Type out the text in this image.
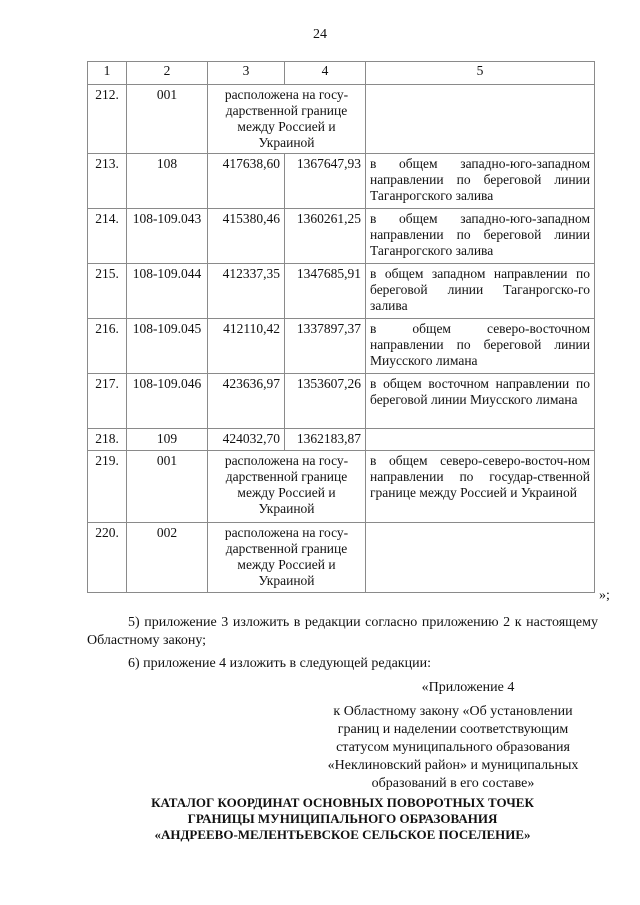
24
1	2	3	4	5
212.	001	расположена на госу-
дарственной границе
между Россией и
Украиной		
213.	108	417638,60	1367647,93	в общем западно-юго-западном направлении по береговой линии Таганрогского залива
214.	108-109.043	415380,46	1360261,25	в общем западно-юго-западном направлении по береговой линии Таганрогского залива
215.	108-109.044	412337,35	1347685,91	в общем западном направлении по береговой линии Таганрогско-го залива
216.	108-109.045	412110,42	1337897,37	в общем северо-восточном направлении по береговой линии Миусского лимана
217.	108-109.046	423636,97	1353607,26	в общем восточном направлении по береговой линии Миусского лимана
218.	109	424032,70	1362183,87	
219.	001	расположена на госу-
дарственной границе
между Россией и
Украиной		в общем северо-северо-восточ-ном направлении по государ-ственной границе между Россией и Украиной
220.	002	расположена на госу-
дарственной границе
между Россией и
Украиной		
»;
5) приложение 3 изложить в редакции согласно приложению 2 к настоящему Областному закону;
6) приложение 4 изложить в следующей редакции:
«Приложение 4
к Областному закону «Об установлении
границ и наделении соответствующим
статусом муниципального образования
«Неклиновский район» и муниципальных
образований в его составе»
КАТАЛОГ КООРДИНАТ ОСНОВНЫХ ПОВОРОТНЫХ ТОЧЕК
ГРАНИЦЫ МУНИЦИПАЛЬНОГО ОБРАЗОВАНИЯ
«АНДРЕЕВО-МЕЛЕНТЬЕВСКОЕ СЕЛЬСКОЕ ПОСЕЛЕНИЕ»
